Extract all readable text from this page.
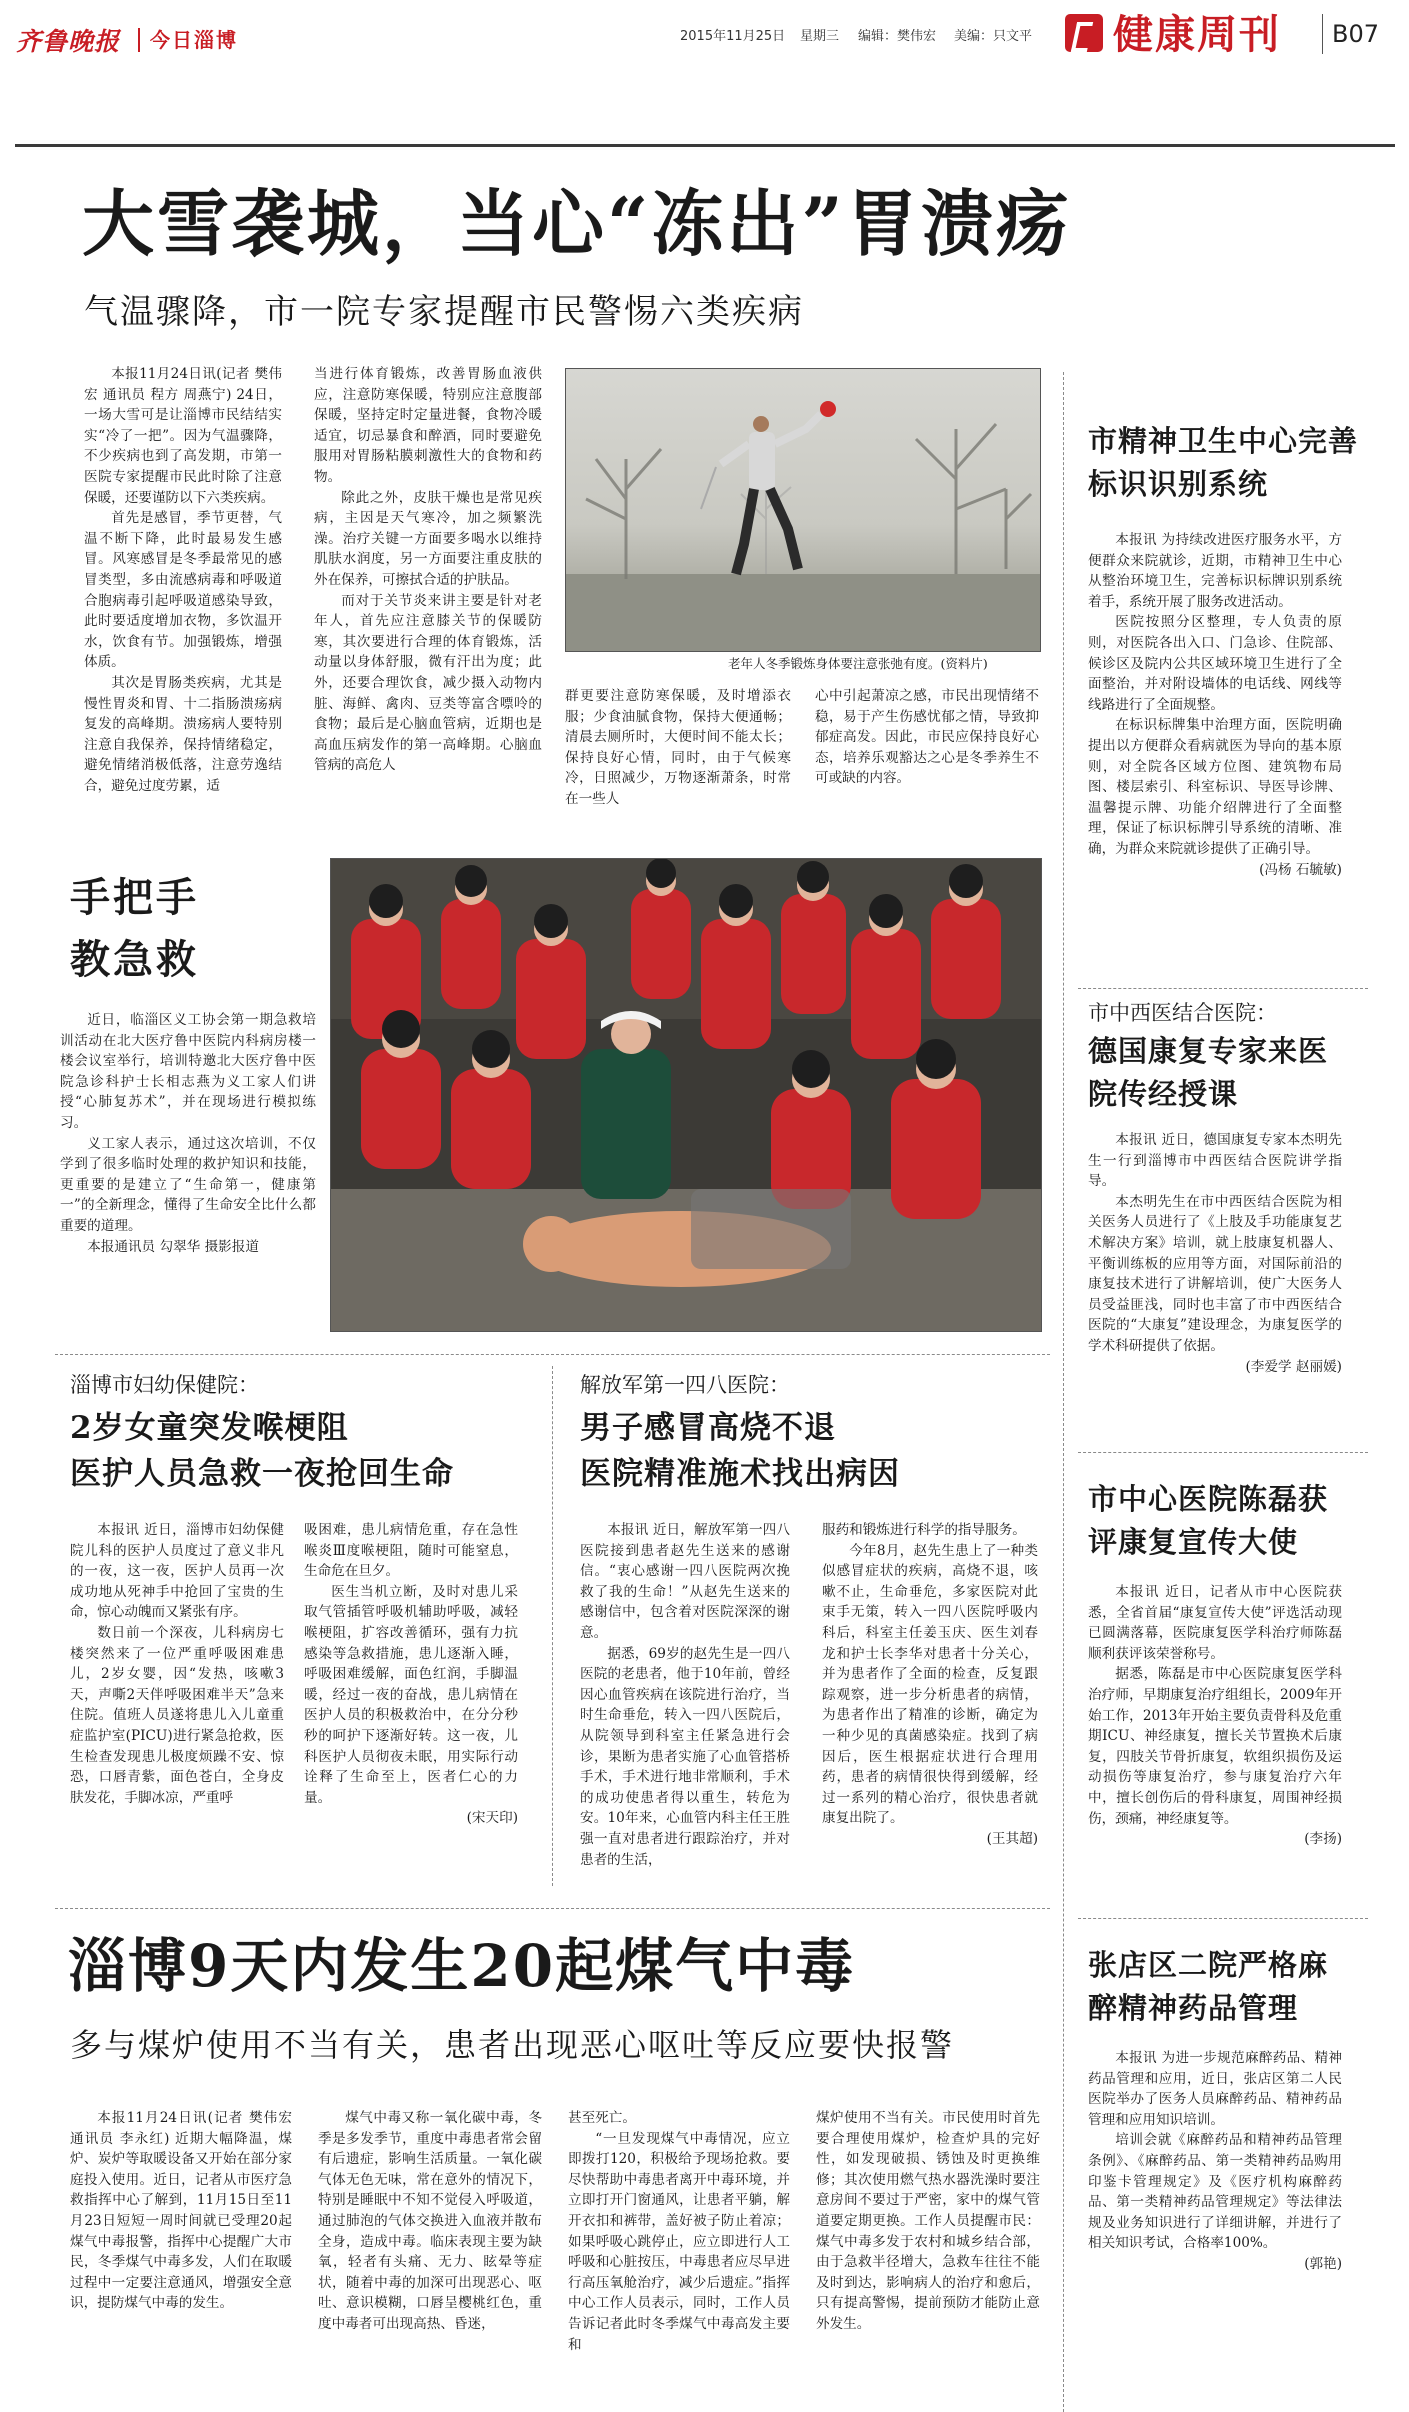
齐鲁晚报 今日淄博	2015年11月25日 星期三 编辑：樊伟宏 美编：只文平 健康周刊 B07
大雪袭城，当心“冻出”胃溃疡
气温骤降，市一院专家提醒市民警惕六类疾病

本报11月24日讯(记者 樊伟宏 通讯员 程方 周燕宁) 24日，一场大雪可是让淄博市民结结实实“冷了一把”。因为气温骤降，不少疾病也到了高发期，市第一医院专家提醒市民此时除了注意保暖，还要谨防以下六类疾病。

首先是感冒，季节更替，气温不断下降，此时最易发生感冒。风寒感冒是冬季最常见的感冒类型，多由流感病毒和呼吸道合胞病毒引起呼吸道感染导致，此时要适度增加衣物，多饮温开水，饮食有节。加强锻炼，增强体质。

其次是胃肠类疾病，尤其是慢性胃炎和胃、十二指肠溃疡病复发的高峰期。溃疡病人要特别注意自我保养，保持情绪稳定，避免情绪消极低落，注意劳逸结合，避免过度劳累，适

当进行体育锻炼，改善胃肠血液供应，注意防寒保暖，特别应注意腹部保暖，坚持定时定量进餐，食物冷暖适宜，切忌暴食和醉酒，同时要避免服用对胃肠粘膜刺激性大的食物和药物。

除此之外，皮肤干燥也是常见疾病，主因是天气寒冷，加之频繁洗澡。治疗关键一方面要多喝水以维持肌肤水润度，另一方面要注重皮肤的外在保养，可擦拭合适的护肤品。

而对于关节炎来讲主要是针对老年人，首先应注意膝关节的保暖防寒，其次要进行合理的体育锻炼，活动量以身体舒服，微有汗出为度；此外，还要合理饮食，减少摄入动物内脏、海鲜、禽肉、豆类等富含嘌呤的食物；最后是心脑血管病，近期也是高血压病发作的第一高峰期。心脑血管病的高危人

老年人冬季锻炼身体要注意张弛有度。(资料片)

群更要注意防寒保暖，及时增添衣服；少食油腻食物，保持大便通畅；清晨去厕所时，大便时间不能太长；保持良好心情，同时，由于气候寒冷，日照减少，万物逐渐萧条，时常在一些人

心中引起萧凉之感，市民出现情绪不稳，易于产生伤感忧郁之情，导致抑郁症高发。因此，市民应保持良好心态，培养乐观豁达之心是冬季养生不可或缺的内容。

手把手
教急救

近日，临淄区义工协会第一期急救培训活动在北大医疗鲁中医院内科病房楼一楼会议室举行，培训特邀北大医疗鲁中医院急诊科护士长相志燕为义工家人们讲授“心肺复苏术”，并在现场进行模拟练习。

义工家人表示，通过这次培训，不仅学到了很多临时处理的救护知识和技能，更重要的是建立了“生命第一，健康第一”的全新理念，懂得了生命安全比什么都重要的道理。

本报通讯员 勾翠华 摄影报道

市精神卫生中心完善标识识别系统

本报讯 为持续改进医疗服务水平，方便群众来院就诊，近期，市精神卫生中心从整治环境卫生，完善标识标牌识别系统着手，系统开展了服务改进活动。

医院按照分区整理，专人负责的原则，对医院各出入口、门急诊、住院部、候诊区及院内公共区域环境卫生进行了全面整治，并对附设墙体的电话线、网线等线路进行了全面规整。

在标识标牌集中治理方面，医院明确提出以方便群众看病就医为导向的基本原则，对全院各区域方位图、建筑物布局图、楼层索引、科室标识、导医导诊牌、温馨提示牌、功能介绍牌进行了全面整理，保证了标识标牌引导系统的清晰、准确，为群众来院就诊提供了正确引导。

(冯杨 石毓敏)

市中西医结合医院：
德国康复专家来医院传经授课

本报讯 近日，德国康复专家本杰明先生一行到淄博市中西医结合医院讲学指导。

本杰明先生在市中西医结合医院为相关医务人员进行了《上肢及手功能康复艺术解决方案》培训，就上肢康复机器人、平衡训练板的应用等方面，对国际前沿的康复技术进行了讲解培训，使广大医务人员受益匪浅，同时也丰富了市中西医结合医院的“大康复”建设理念，为康复医学的学术科研提供了依据。

(李爱学 赵丽媛)

市中心医院陈磊获评康复宣传大使

本报讯 近日，记者从市中心医院获悉，全省首届“康复宣传大使”评选活动现已圆满落幕，医院康复医学科治疗师陈磊顺利获评该荣誉称号。

据悉，陈磊是市中心医院康复医学科治疗师，早期康复治疗组组长，2009年开始工作，2013年开始主要负责骨科及危重期ICU、神经康复，擅长关节置换术后康复，四肢关节骨折康复，软组织损伤及运动损伤等康复治疗，参与康复治疗六年中，擅长创伤后的骨科康复，周围神经损伤，颈痛，神经康复等。

(李扬)

张店区二院严格麻醉精神药品管理

本报讯 为进一步规范麻醉药品、精神药品管理和应用，近日，张店区第二人民医院举办了医务人员麻醉药品、精神药品管理和应用知识培训。

培训会就《麻醉药品和精神药品管理条例》、《麻醉药品、第一类精神药品购用印鉴卡管理规定》及《医疗机构麻醉药品、第一类精神药品管理规定》等法律法规及业务知识进行了详细讲解，并进行了相关知识考试，合格率100%。

(郭艳)

淄博市妇幼保健院：
2岁女童突发喉梗阻
医护人员急救一夜抢回生命

本报讯 近日，淄博市妇幼保健院儿科的医护人员度过了意义非凡的一夜，这一夜，医护人员再一次成功地从死神手中抢回了宝贵的生命，惊心动魄而又紧张有序。

数日前一个深夜，儿科病房七楼突然来了一位严重呼吸困难患儿，2岁女婴，因“发热，咳嗽3天，声嘶2天伴呼吸困难半天”急来住院。值班人员遂将患儿入儿童重症监护室(PICU)进行紧急抢救，医生检查发现患儿极度烦躁不安、惊恐，口唇青紫，面色苍白，全身皮肤发花，手脚冰凉，严重呼

吸困难，患儿病情危重，存在急性喉炎Ⅲ度喉梗阻，随时可能窒息，生命危在旦夕。

医生当机立断，及时对患儿采取气管插管呼吸机辅助呼吸，减轻喉梗阻，扩容改善循环，强有力抗感染等急救措施，患儿逐渐入睡，呼吸困难缓解，面色红润，手脚温暖，经过一夜的奋战，患儿病情在医护人员的积极救治中，在分分秒秒的呵护下逐渐好转。这一夜，儿科医护人员彻夜未眠，用实际行动诠释了生命至上，医者仁心的力量。

(宋天印)

解放军第一四八医院：
男子感冒高烧不退
医院精准施术找出病因

本报讯 近日，解放军第一四八医院接到患者赵先生送来的感谢信。“衷心感谢一四八医院两次挽救了我的生命！”从赵先生送来的感谢信中，包含着对医院深深的谢意。

据悉，69岁的赵先生是一四八医院的老患者，他于10年前，曾经因心血管疾病在该院进行治疗，当时生命垂危，转入一四八医院后，从院领导到科室主任紧急进行会诊，果断为患者实施了心血管搭桥手术，手术进行地非常顺利，手术的成功使患者得以重生，转危为安。10年来，心血管内科主任王胜强一直对患者进行跟踪治疗，并对患者的生活，

服药和锻炼进行科学的指导服务。

今年8月，赵先生患上了一种类似感冒症状的疾病，高烧不退，咳嗽不止，生命垂危，多家医院对此束手无策，转入一四八医院呼吸内科后，科室主任姜玉庆、医生刘春龙和护士长李华对患者十分关心，并为患者作了全面的检查，反复跟踪观察，进一步分析患者的病情，为患者作出了精准的诊断，确定为一种少见的真菌感染症。找到了病因后，医生根据症状进行合理用药，患者的病情很快得到缓解，经过一系列的精心治疗，很快患者就康复出院了。

(王其超)

淄博9天内发生20起煤气中毒
多与煤炉使用不当有关，患者出现恶心呕吐等反应要快报警

本报11月24日讯(记者 樊伟宏 通讯员 李永红) 近期大幅降温，煤炉、炭炉等取暖设备又开始在部分家庭投入使用。近日，记者从市医疗急救指挥中心了解到，11月15日至11月23日短短一周时间就已受理20起煤气中毒报警，指挥中心提醒广大市民，冬季煤气中毒多发，人们在取暖过程中一定要注意通风，增强安全意识，提防煤气中毒的发生。

煤气中毒又称一氧化碳中毒，冬季是多发季节，重度中毒患者常会留有后遗症，影响生活质量。一氧化碳气体无色无味，常在意外的情况下，特别是睡眠中不知不觉侵入呼吸道，通过肺泡的气体交换进入血液并散布全身，造成中毒。临床表现主要为缺氧，轻者有头痛、无力、眩晕等症状，随着中毒的加深可出现恶心、呕吐、意识模糊，口唇呈樱桃红色，重度中毒者可出现高热、昏迷，

甚至死亡。

“一旦发现煤气中毒情况，应立即拨打120，积极给予现场抢救。要尽快帮助中毒患者离开中毒环境，并立即打开门窗通风，让患者平躺，解开衣扣和裤带，盖好被子防止着凉；如果呼吸心跳停止，应立即进行人工呼吸和心脏按压，中毒患者应尽早进行高压氧舱治疗，减少后遗症。”指挥中心工作人员表示，同时，工作人员告诉记者此时冬季煤气中毒高发主要和

煤炉使用不当有关。市民使用时首先要合理使用煤炉，检查炉具的完好性，如发现破损、锈蚀及时更换维修；其次使用燃气热水器洗澡时要注意房间不要过于严密，家中的煤气管道要定期更换。工作人员提醒市民：煤气中毒多发于农村和城乡结合部，由于急救半径增大，急救车往往不能及时到达，影响病人的治疗和愈后，只有提高警惕，提前预防才能防止意外发生。
